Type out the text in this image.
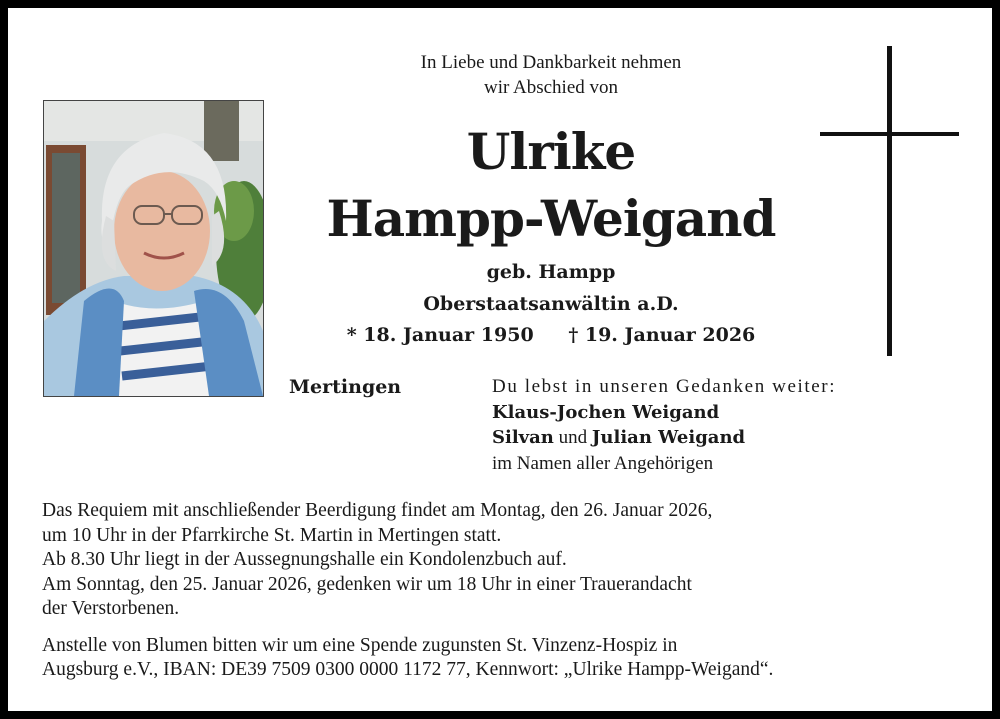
In Liebe und Dankbarkeit nehmen
wir Abschied von
Ulrike
Hampp-Weigand
geb. Hampp
Oberstaatsanwältin a.D.
* 18. Januar 1950 † 19. Januar 2026
Mertingen	Du lebst in unseren Gedanken weiter:
Klaus-Jochen Weigand
Silvan und Julian Weigand
im Namen aller Angehörigen

Das Requiem mit anschließender Beerdigung findet am Montag, den 26. Januar 2026,

um 10 Uhr in der Pfarrkirche St. Martin in Mertingen statt.

Ab 8.30 Uhr liegt in der Aussegnungshalle ein Kondolenzbuch auf.

Am Sonntag, den 25. Januar 2026, gedenken wir um 18 Uhr in einer Trauerandacht

der Verstorbenen.

Anstelle von Blumen bitten wir um eine Spende zugunsten St. Vinzenz-Hospiz in

Augsburg e.V., IBAN: DE39 7509 0300 0000 1172 77, Kennwort: „Ulrike Hampp-Weigand“.
